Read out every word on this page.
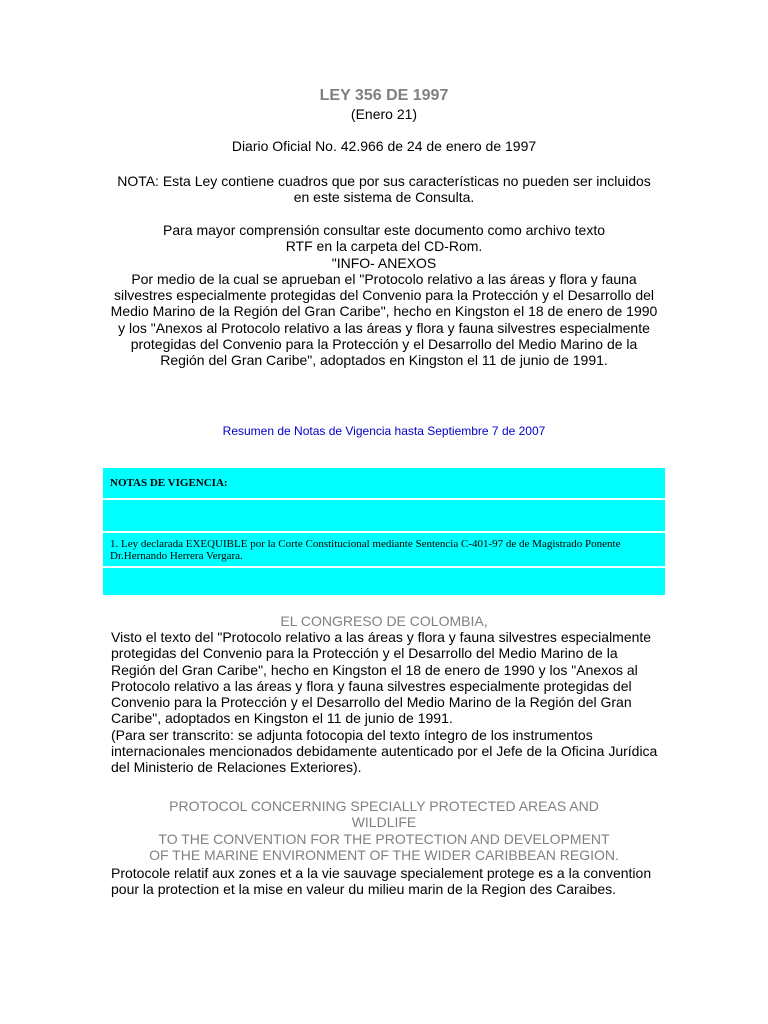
LEY 356 DE 1997
(Enero 21)
Diario Oficial No. 42.966 de 24 de enero de 1997
NOTA: Esta Ley contiene cuadros que por sus características no pueden ser incluidos en este sistema de Consulta.

Para mayor comprensión consultar este documento como archivo texto

RTF en la carpeta del CD-Rom.

"INFO- ANEXOS

Por medio de la cual se aprueban el "Protocolo relativo a las áreas y flora y fauna silvestres especialmente protegidas del Convenio para la Protección y el Desarrollo del Medio Marino de la Región del Gran Caribe", hecho en Kingston el 18 de enero de 1990 y los "Anexos al Protocolo relativo a las áreas y flora y fauna silvestres especialmente protegidas del Convenio para la Protección y el Desarrollo del Medio Marino de la Región del Gran Caribe", adoptados en Kingston el 11 de junio de 1991.

Resumen de Notas de Vigencia hasta Septiembre 7 de 2007
NOTAS DE VIGENCIA:

1. Ley declarada EXEQUIBLE por la Corte Constitucional mediante Sentencia C-401-97 de de Magistrado Ponente Dr.Hernando Herrera Vergara.

EL CONGRESO DE COLOMBIA,

Visto el texto del "Protocolo relativo a las áreas y flora y fauna silvestres especialmente protegidas del Convenio para la Protección y el Desarrollo del Medio Marino de la Región del Gran Caribe", hecho en Kingston el 18 de enero de 1990 y los "Anexos al Protocolo relativo a las áreas y flora y fauna silvestres especialmente protegidas del Convenio para la Protección y el Desarrollo del Medio Marino de la Región del Gran Caribe", adoptados en Kingston el 11 de junio de 1991.

(Para ser transcrito: se adjunta fotocopia del texto íntegro de los instrumentos internacionales mencionados debidamente autenticado por el Jefe de la Oficina Jurídica del Ministerio de Relaciones Exteriores).

PROTOCOL CONCERNING SPECIALLY PROTECTED AREAS AND

WILDLIFE

TO THE CONVENTION FOR THE PROTECTION AND DEVELOPMENT

OF THE MARINE ENVIRONMENT OF THE WIDER CARIBBEAN REGION.

Protocole relatif aux zones et a la vie sauvage specialement protege es a la convention pour la protection et la mise en valeur du milieu marin de la Region des Caraibes.
